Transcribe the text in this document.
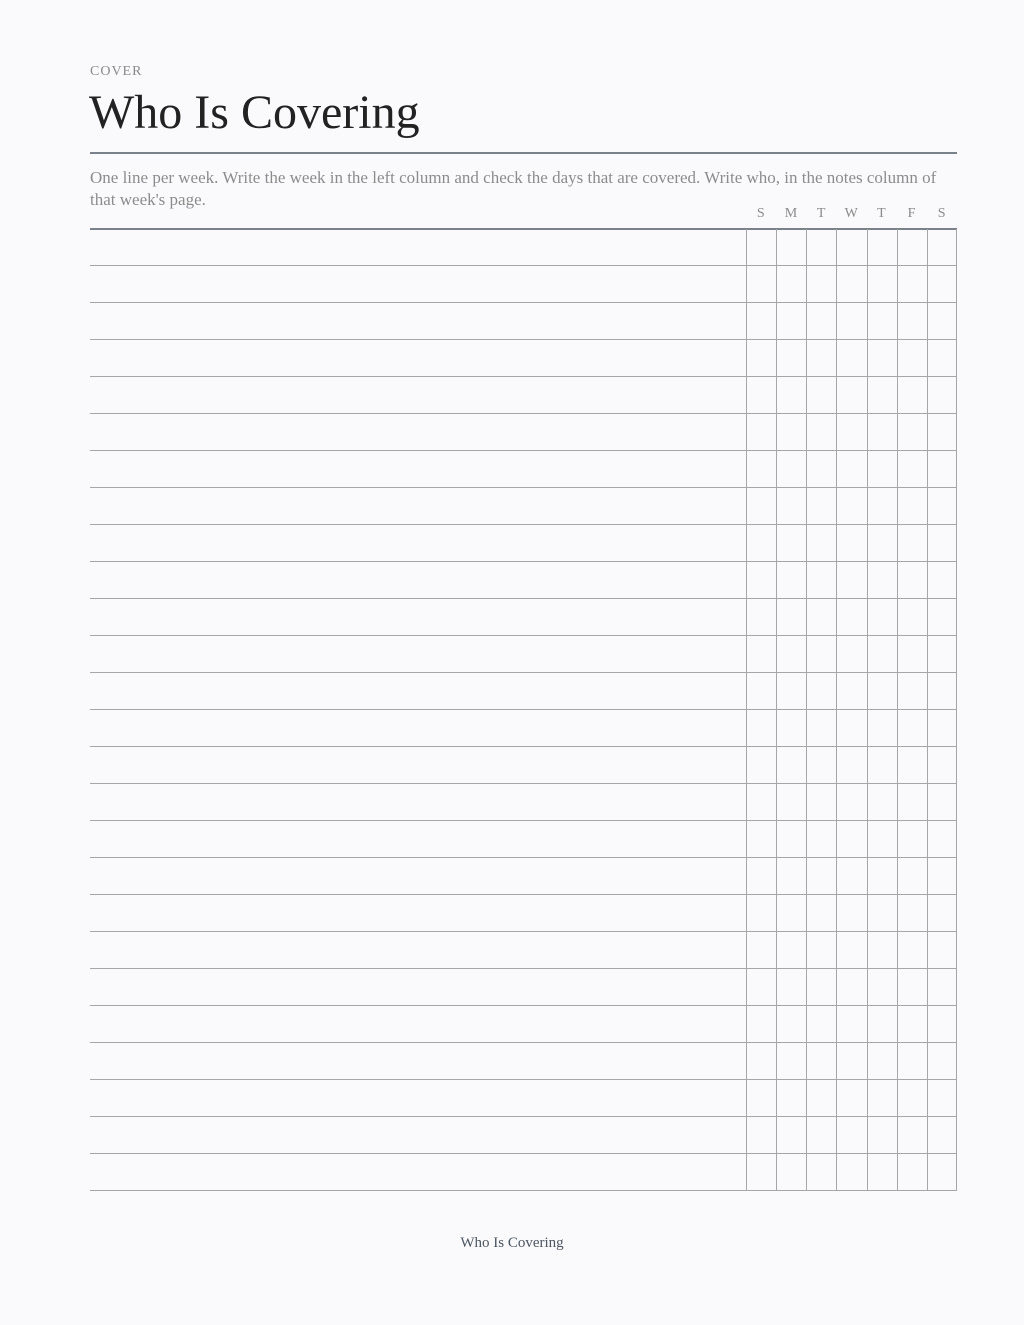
COVER
Who Is Covering
One line per week. Write the week in the left column and check the days that are covered. Write who, in the notes column of that week's page.
S	M	T	W	T	F	S
Who Is Covering
